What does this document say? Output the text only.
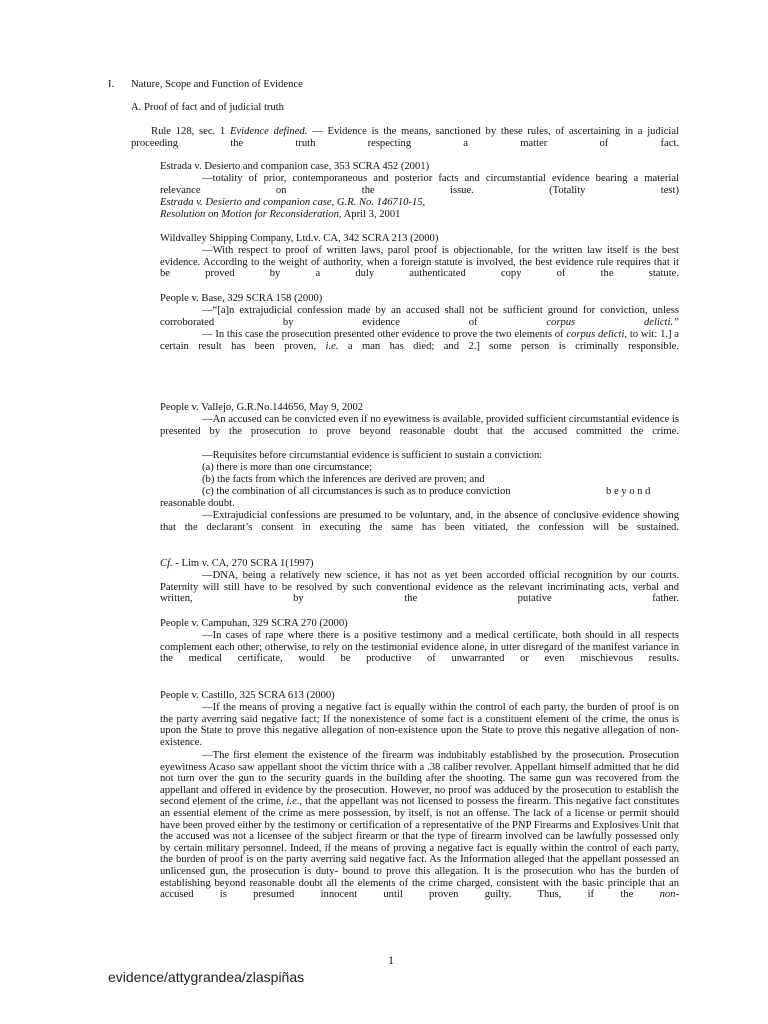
I. Nature, Scope and Function of Evidence
A. Proof of fact and of judicial truth
Rule 128, sec. 1 Evidence defined. — Evidence is the means, sanctioned by these rules, of ascertaining in a judicial proceeding the truth respecting a matter of fact.
Estrada v. Desierto and companion case, 353 SCRA 452 (2001)
—totality of prior, contemporaneous and posterior facts and circumstantial evidence bearing a material relevance on the issue. (Totality test)
Estrada v. Desierto and companion case, G.R. No. 146710-15,
Resolution on Motion for Reconsideration, April 3, 2001
Wildvalley Shipping Company, Ltd.v. CA, 342 SCRA 213 (2000)
—With respect to proof of written laws, parol proof is objectionable, for the written law itself is the best evidence. According to the weight of authority, when a foreign statute is involved, the best evidence rule requires that it be proved by a duly authenticated copy of the statute.
People v. Base, 329 SCRA 158 (2000)
—“[a]n extrajudicial confession made by an accused shall not be sufficient ground for conviction, unless corroborated by evidence of corpus delicti.”
— In this case the prosecution presented other evidence to prove the two elements of corpus delicti, to wit: 1.] a certain result has been proven, i.e. a man has died; and 2.] some person is criminally responsible.
People v. Vallejo, G.R.No.144656, May 9, 2002
—An accused can be convicted even if no eyewitness is available, provided sufficient circumstantial evidence is presented by the prosecution to prove beyond reasonable doubt that the accused committed the crime.
—Requisites before circumstantial evidence is sufficient to sustain a conviction:
(a) there is more than one circumstance;
(b) the facts from which the inferences are derived are proven; and
(c) the combination of all circumstances is such as to produce conviction	b e y o n d
reasonable doubt.
—Extrajudicial confessions are presumed to be voluntary, and, in the absence of conclusive evidence showing that the declarant’s consent in executing the same has been vitiated, the confession will be sustained.
Cf. - Lim v. CA, 270 SCRA 1(1997)
—DNA, being a relatively new science, it has not as yet been accorded official recognition by our courts. Paternity will still have to be resolved by such conventional evidence as the relevant incriminating acts, verbal and written, by the putative father.
People v. Campuhan, 329 SCRA 270 (2000)
—In cases of rape where there is a positive testimony and a medical certificate, both should in all respects complement each other; otherwise, to rely on the testimonial evidence alone, in utter disregard of the manifest variance in the medical certificate, would be productive of unwarranted or even mischievous results.
People v. Castillo, 325 SCRA 613 (2000)
—If the means of proving a negative fact is equally within the control of each party, the burden of proof is on the party averring said negative fact; If the nonexistence of some fact is a constituent element of the crime, the onus is upon the State to prove this negative allegation of non-existence upon the State to prove this negative allegation of non-existence.
—The first element the existence of the firearm was indubitably established by the prosecution. Prosecution eyewitness Acaso saw appellant shoot the victim thrice with a .38 caliber revolver. Appellant himself admitted that he did not turn over the gun to the security guards in the building after the shooting. The same gun was recovered from the appellant and offered in evidence by the prosecution. However, no proof was adduced by the prosecution to establish the second element of the crime, i.e., that the appellant was not licensed to possess the firearm. This negative fact constitutes an essential element of the crime as mere possession, by itself, is not an offense. The lack of a license or permit should have been proved either by the testimony or certification of a representative of the PNP Firearms and Explosives Unit that the accused was not a licensee of the subject firearm or that the type of firearm involved can be lawfully possessed only by certain military personnel. Indeed, if the means of proving a negative fact is equally within the control of each party, the burden of proof is on the party averring said negative fact. As the Information alleged that the appellant possessed an unlicensed gun, the prosecution is duty- bound to prove this allegation. It is the prosecution who has the burden of establishing beyond reasonable doubt all the elements of the crime charged, consistent with the basic principle that an accused is presumed innocent until proven guilty. Thus, if the non-
1
evidence/attygrandea/zlaspiñas
